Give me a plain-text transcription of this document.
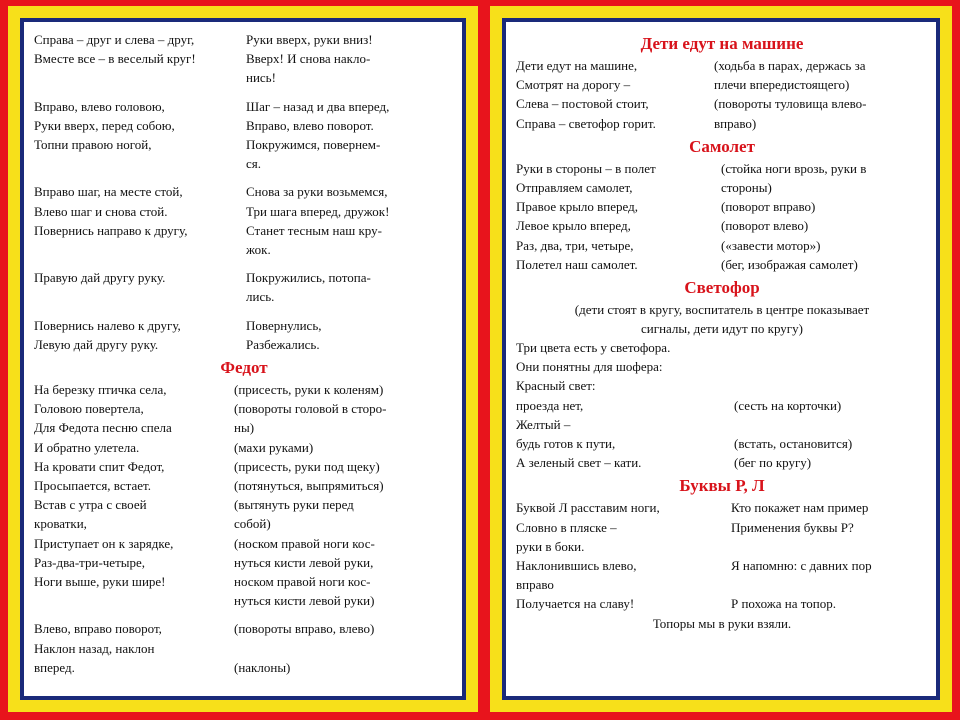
Справа – друг и слева – друг,	Руки вверх, руки вниз!
Вместе все – в веселый круг!	Вверх! И снова накло-
нись!
Вправо, влево головою,	Шаг – назад и два вперед,
Руки вверх, перед собою,	Вправо, влево поворот.
Топни правою ногой,	Покружимся, повернем-
ся.
Вправо шаг, на месте стой,	Снова за руки возьмемся,
Влево шаг и снова стой.	Три шага вперед, дружок!
Повернись направо к другу,	Станет тесным наш кру-
жок.
Правую дай другу руку.	Покружились, потопа-
лись.
Повернись налево к другу,	Повернулись,
Левую дай другу руку.	Разбежались.
Федот
На березку птичка села,	(присесть, руки к коленям)
Головою повертела,	(повороты головой в сторо-
Для Федота песню спела	ны)
И обратно улетела.	(махи руками)
На кровати спит Федот,	(присесть, руки под щеку)
Просыпается, встает.	(потянуться, выпрямиться)
Встав с утра с своей	(вытянуть руки перед
кроватки,	собой)
Приступает он к зарядке,	(носком правой ноги кос-
Раз-два-три-четыре,	нуться кисти левой руки,
Ноги выше, руки шире!	носком правой ноги кос-
нуться кисти левой руки)
Влево, вправо поворот,	(повороты вправо, влево)
Наклон назад, наклон
вперед.	(наклоны)
Дети едут на машине
Дети едут на машине,	(ходьба в парах, держась за
Смотрят на дорогу –	плечи впередистоящего)
Слева – постовой стоит,	(повороты туловища влево-
Справа – светофор горит.	вправо)
Самолет
Руки в стороны – в полет	(стойка ноги врозь, руки в
Отправляем самолет,	стороны)
Правое крыло вперед,	(поворот вправо)
Левое крыло вперед,	(поворот влево)
Раз, два, три, четыре,	(«завести мотор»)
Полетел наш самолет.	(бег, изображая самолет)
Светофор
(дети стоят в кругу, воспитатель в центре показывает
сигналы, дети идут по кругу)
Три цвета есть у светофора.
Они понятны для шофера:
Красный свет:
проезда нет,	(сесть на корточки)
Желтый –
будь готов к пути,	(встать, остановится)
А зеленый свет – кати.	(бег по кругу)
Буквы Р, Л
Буквой Л расставим ноги,	Кто покажет нам пример
Словно в пляске –	Применения буквы Р?
руки в боки.
Наклонившись влево,	Я напомню: с давних пор
вправо
Получается на славу!	Р похожа на топор.
Топоры мы в руки взяли.
